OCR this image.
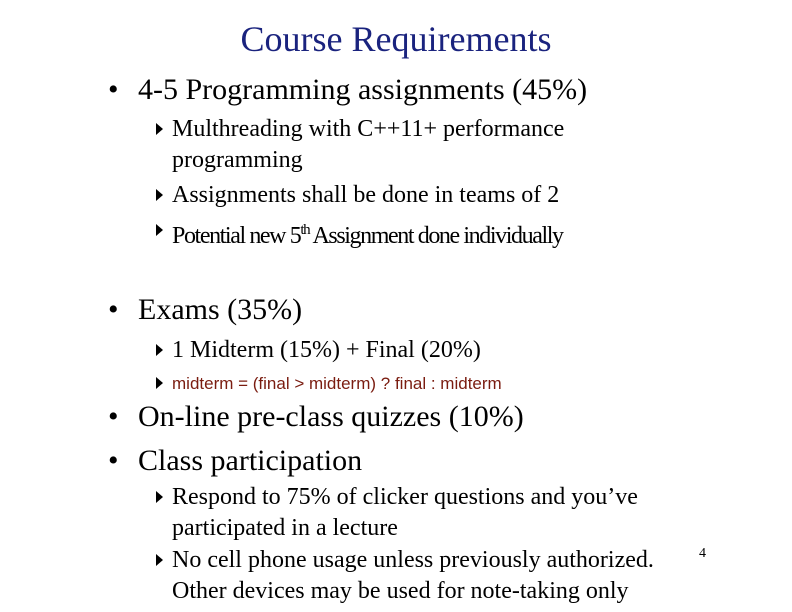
Course Requirements
• 4-5 Programming assignments (45%)
Multhreading with C++11+ performance
programming
Assignments shall be done in teams of 2
Potential new 5th Assignment done individually
• Exams (35%)
1 Midterm (15%) + Final (20%)
midterm = (final > midterm) ? final : midterm
• On-line pre-class quizzes (10%)
• Class participation
Respond to 75% of clicker questions and you’ve
participated in a lecture
No cell phone usage unless previously authorized.
Other devices may be used for note-taking only
4
